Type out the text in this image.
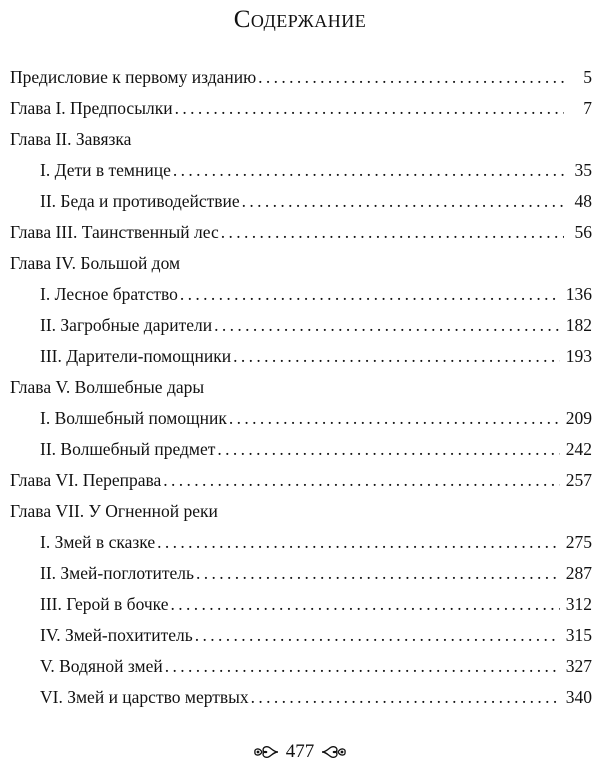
Содержание
Предисловие к первому изданию . . .	5
Глава I. Предпосылки . . .	7
Глава II. Завязка
I. Дети в темнице . . .	35
II. Беда и противодействие . . .	48
Глава III. Таинственный лес . . .	56
Глава IV. Большой дом
I. Лесное братство . . .	136
II. Загробные дарители . . .	182
III. Дарители-помощники . . .	193
Глава V. Волшебные дары
I. Волшебный помощник . . .	209
II. Волшебный предмет . . .	242
Глава VI. Переправа . . .	257
Глава VII. У Огненной реки
I. Змей в сказке . . .	275
II. Змей-поглотитель . . .	287
III. Герой в бочке . . .	312
IV. Змей-похититель . . .	315
V. Водяной змей . . .	327
VI. Змей и царство мертвых . . .	340
477
